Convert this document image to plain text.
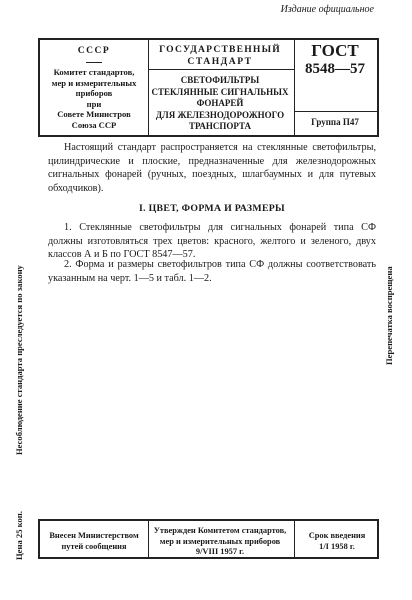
Издание официальное
СССР
Комитет стандартов,
мер и измерительных
приборов
при
Совете Министров
Союза ССР
ГОСУДАРСТВЕННЫЙ
СТАНДАРТ
СВЕТОФИЛЬТРЫ
СТЕКЛЯННЫЕ СИГНАЛЬНЫХ
ФОНАРЕЙ
ДЛЯ ЖЕЛЕЗНОДОРОЖНОГО
ТРАНСПОРТА
ГОСТ
8548—57
Группа П47
Настоящий стандарт распространяется на стеклянные светофильтры, цилиндрические и плоские, предназначенные для железнодорожных сигнальных фонарей (ручных, поездных, шлагбаумных и для путевых обходчиков).
I. ЦВЕТ, ФОРМА И РАЗМЕРЫ
1. Стеклянные светофильтры для сигнальных фонарей типа СФ должны изготовляться трех цветов: красного, желтого и зеленого, двух классов А и Б по ГОСТ 8547—57.
2. Форма и размеры светофильтров типа СФ должны соответствовать указанным на черт. 1—5 и табл. 1—2.
Несоблюдение стандарта преследуется по закону
Цена 25 коп.
Перепечатка воспрещена
Внесен Министерством
путей сообщения
Утвержден Комитетом стандартов,
мер и измерительных приборов
9/VIII 1957 г.
Срок введения
1/I 1958 г.
